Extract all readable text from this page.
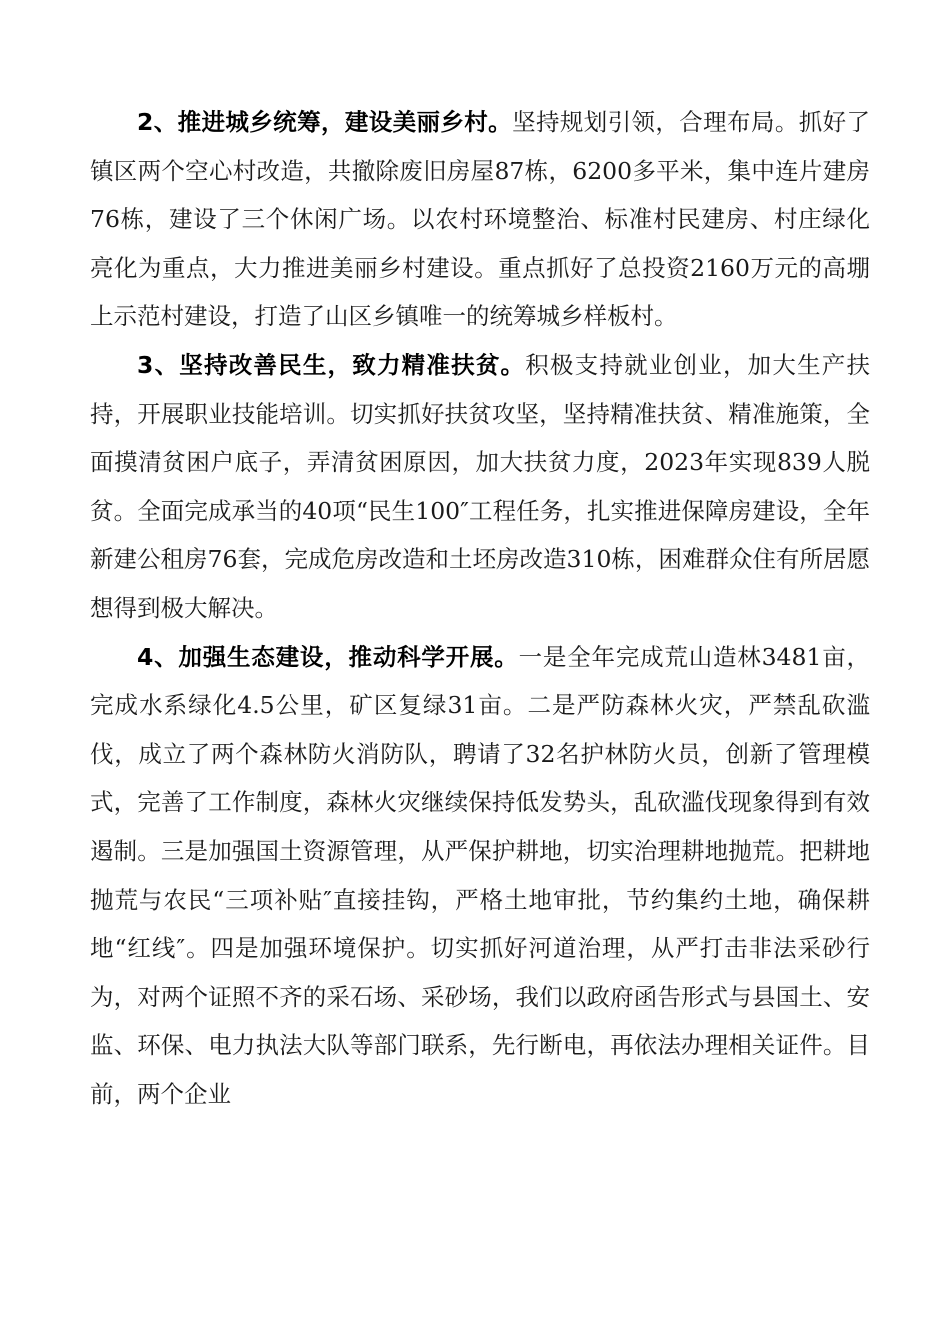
2、推进城乡统筹，建设美丽乡村。坚持规划引领，合理布局。抓好了镇区两个空心村改造，共撤除废旧房屋87栋，6200多平米，集中连片建房76栋，建设了三个休闲广场。以农村环境整治、标准村民建房、村庄绿化亮化为重点，大力推进美丽乡村建设。重点抓好了总投资2160万元的高堋上示范村建设，打造了山区乡镇唯一的统筹城乡样板村。

3、坚持改善民生，致力精准扶贫。积极支持就业创业，加大生产扶持，开展职业技能培训。切实抓好扶贫攻坚，坚持精准扶贫、精准施策，全面摸清贫困户底子，弄清贫困原因，加大扶贫力度，2023年实现839人脱贫。全面完成承当的40项“民生100″工程任务，扎实推进保障房建设，全年新建公租房76套，完成危房改造和土坯房改造310栋，困难群众住有所居愿想得到极大解决。

4、加强生态建设，推动科学开展。一是全年完成荒山造林3481亩，完成水系绿化4.5公里，矿区复绿31亩。二是严防森林火灾，严禁乱砍滥伐，成立了两个森林防火消防队，聘请了32名护林防火员，创新了管理模式，完善了工作制度，森林火灾继续保持低发势头，乱砍滥伐现象得到有效遏制。三是加强国土资源管理，从严保护耕地，切实治理耕地抛荒。把耕地抛荒与农民“三项补贴″直接挂钩，严格土地审批，节约集约土地，确保耕地“红线″。四是加强环境保护。切实抓好河道治理，从严打击非法采砂行为，对两个证照不齐的采石场、采砂场，我们以政府函告形式与县国土、安监、环保、电力执法大队等部门联系，先行断电，再依法办理相关证件。目前，两个企业
